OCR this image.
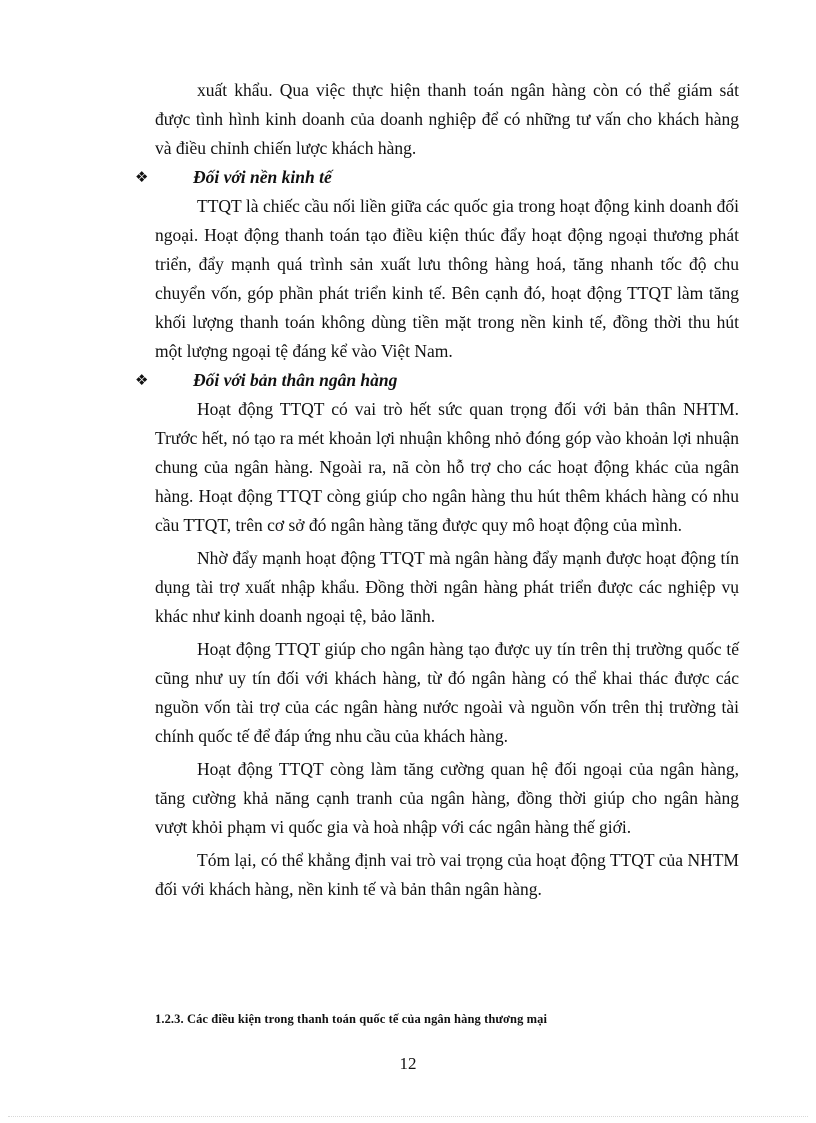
xuất khẩu. Qua việc thực hiện thanh toán ngân hàng còn có thể giám sát được tình hình kinh doanh của doanh nghiệp để có những tư vấn cho khách hàng và điều chỉnh chiến lược khách hàng.

❖	Đối với nền kinh tế

TTQT là chiếc cầu nối liền giữa các quốc gia trong hoạt động kinh doanh đối ngoại. Hoạt động thanh toán tạo điều kiện thúc đẩy hoạt động ngoại thương phát triển, đẩy mạnh quá trình sản xuất lưu thông hàng hoá, tăng nhanh tốc độ chu chuyển vốn, góp phần phát triển kinh tế. Bên cạnh đó, hoạt động TTQT làm tăng khối lượng thanh toán không dùng tiền mặt trong nền kinh tế, đồng thời thu hút một lượng ngoại tệ đáng kể vào Việt Nam.

❖	Đối với bản thân ngân hàng

Hoạt động TTQT có vai trò hết sức quan trọng đối với bản thân NHTM. Trước hết, nó tạo ra mét khoản lợi nhuận không nhỏ đóng góp vào khoản lợi nhuận chung của ngân hàng. Ngoài ra, nã còn hỗ trợ cho các hoạt động khác của ngân hàng. Hoạt động TTQT còng giúp cho ngân hàng thu hút thêm khách hàng có nhu cầu TTQT, trên cơ sở đó ngân hàng tăng được quy mô hoạt động của mình.

Nhờ đẩy mạnh hoạt động TTQT mà ngân hàng đẩy mạnh được hoạt động tín dụng tài trợ xuất nhập khẩu. Đồng thời ngân hàng phát triển được các nghiệp vụ khác như kinh doanh ngoại tệ, bảo lãnh.

Hoạt động TTQT giúp cho ngân hàng tạo được uy tín trên thị trường quốc tế cũng như uy tín đối với khách hàng, từ đó ngân hàng có thể khai thác được các nguồn vốn tài trợ của các ngân hàng nước ngoài và nguồn vốn trên thị trường tài chính quốc tế để đáp ứng nhu cầu của khách hàng.

Hoạt động TTQT còng làm tăng cường quan hệ đối ngoại của ngân hàng, tăng cường khả năng cạnh tranh của ngân hàng, đồng thời giúp cho ngân hàng vượt khỏi phạm vi quốc gia và hoà nhập với các ngân hàng thế giới.

Tóm lại, có thể khẳng định vai trò vai trọng của hoạt động TTQT của NHTM đối với khách hàng, nền kinh tế và bản thân ngân hàng.

1.2.3. Các điều kiện trong thanh toán quốc tế của ngân hàng thương mại
12
